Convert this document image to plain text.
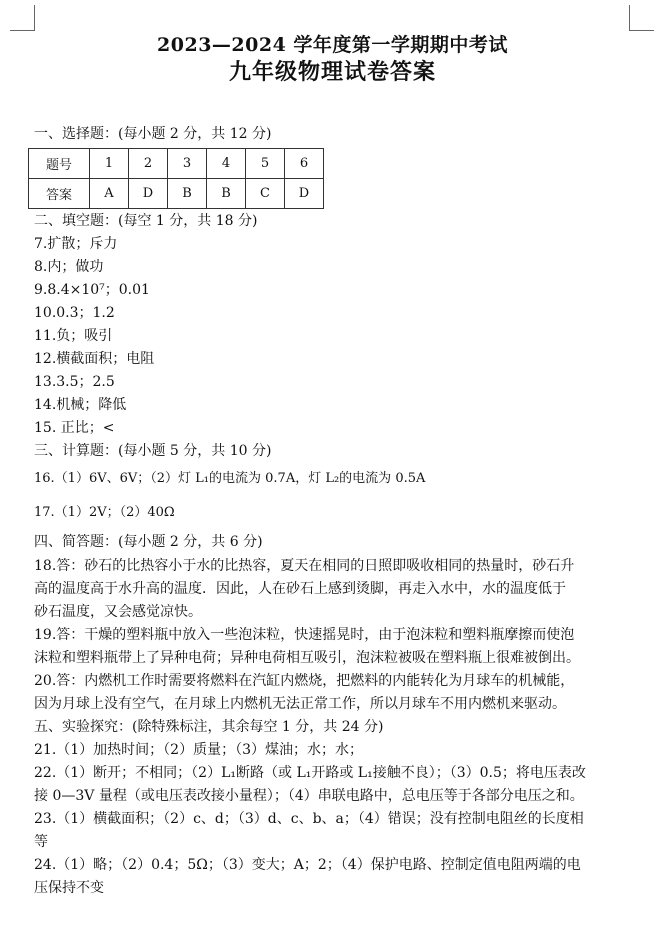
2023—2024 学年度第一学期期中考试
九年级物理试卷答案
一、选择题：(每小题 2 分，共 12 分)
题号	1	2	3	4	5	6
答案	A	D	B	B	C	D
二、填空题：(每空 1 分，共 18 分)
7.扩散；斥力
8.内；做功
9.8.4×10⁷；0.01
10.0.3；1.2
11.负；吸引
12.横截面积；电阻
13.3.5；2.5
14.机械；降低
15. 正比；<
三、计算题：(每小题 5 分，共 10 分)
16.（1）6V、6V；（2）灯 L₁的电流为 0.7A，灯 L₂的电流为 0.5A
17.（1）2V；（2）40Ω
四、简答题：(每小题 2 分，共 6 分)
18.答：砂石的比热容小于水的比热容，夏天在相同的日照即吸收相同的热量时，砂石升
高的温度高于水升高的温度．因此，人在砂石上感到烫脚，再走入水中，水的温度低于
砂石温度，又会感觉凉快。
19.答：干燥的塑料瓶中放入一些泡沫粒，快速摇晃时，由于泡沫粒和塑料瓶摩擦而使泡
沫粒和塑料瓶带上了异种电荷；异种电荷相互吸引，泡沫粒被吸在塑料瓶上很难被倒出。
20.答：内燃机工作时需要将燃料在汽缸内燃烧，把燃料的内能转化为月球车的机械能，
因为月球上没有空气，在月球上内燃机无法正常工作，所以月球车不用内燃机来驱动。
五、实验探究：(除特殊标注，其余每空 1 分，共 24 分)
21.（1）加热时间；（2）质量；（3）煤油；水；水；
22.（1）断开；不相同；（2）L₁断路（或 L₁开路或 L₁接触不良）；（3）0.5；将电压表改
接 0—3V 量程（或电压表改接小量程）；（4）串联电路中，总电压等于各部分电压之和。
23.（1）横截面积；（2）c、d；（3）d、c、b、a；（4）错误；没有控制电阻丝的长度相
等
24.（1）略；（2）0.4；5Ω；（3）变大；A；2；（4）保护电路、控制定值电阻两端的电
压保持不变
